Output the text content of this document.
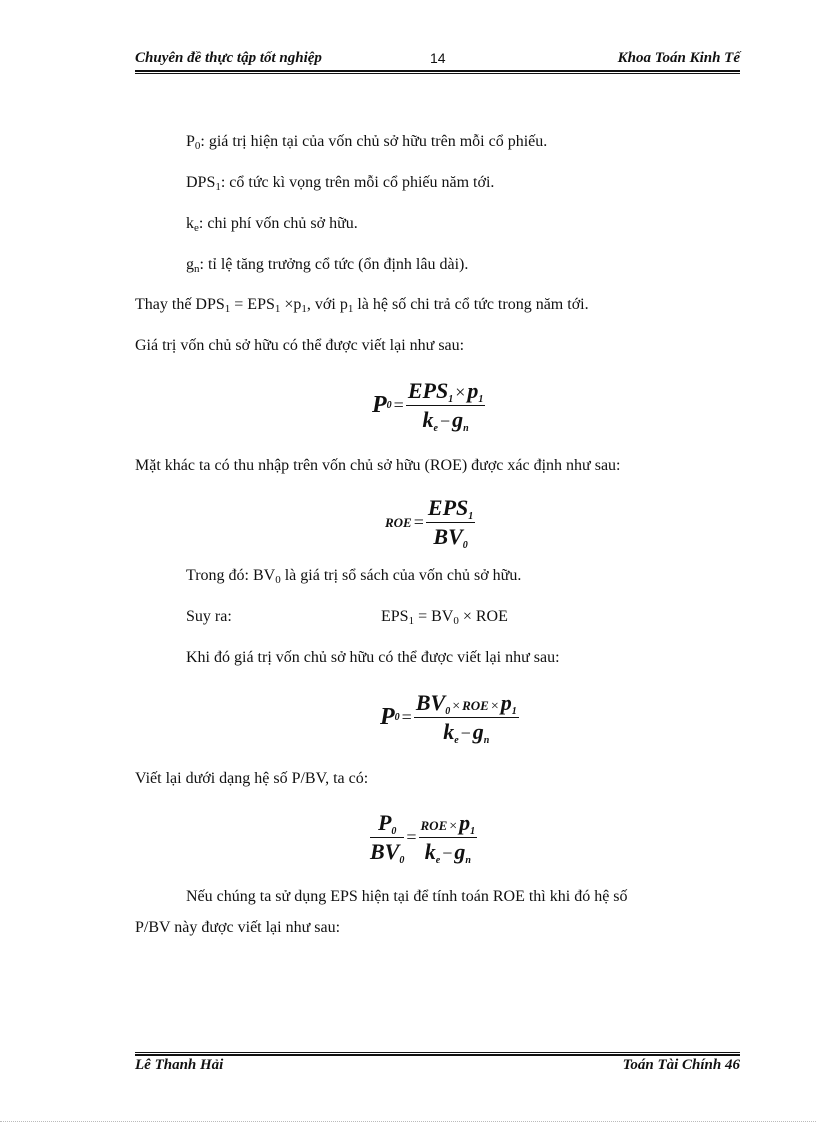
Chuyên đề thực tập tốt nghiệp	14	Khoa Toán Kinh Tế
$P_0$: giá trị hiện tại của vốn chủ sở hữu trên mỗi cổ phiếu.
$DPS_1$: cổ tức kì vọng trên mỗi cổ phiếu năm tới.
$k_e$: chi phí vốn chủ sở hữu.
$g_n$: tỉ lệ tăng trưởng cổ tức (ổn định lâu dài).
Thay thế $DPS_1 = EPS_1 \times p_1$, với $p_1$ là hệ số chi trả cổ tức trong năm tới.
Giá trị vốn chủ sở hữu có thể được viết lại như sau:
P $0 = \frac{\text{EPS1 ×p1}}{ke -gn}$
Mặt khác ta có thu nhập trên vốn chủ sở hữu (ROE) được xác định như sau:
ROE = $\frac{\text{EPS1}}{BV0}$
Trong đó: $BV_0$ là giá trị sổ sách của vốn chủ sở hữu.
Suy ra:	$EPS_1 = BV_0$ × ROE
Khi đó giá trị vốn chủ sở hữu có thể được viết lại như sau:
P $0 = \frac{\text{BV0 × ROE ×p1}}{ke -gn}$
Viết lại dưới dạng hệ số P/BV, ta có:
$\frac{P0}{BV0} = \frac{\text{ROE ×p1}}{ke -gn}$
Nếu chúng ta sử dụng EPS hiện tại để tính toán ROE thì khi đó hệ số
P/BV này được viết lại như sau:
Lê Thanh Hải	Toán Tài Chính 46
